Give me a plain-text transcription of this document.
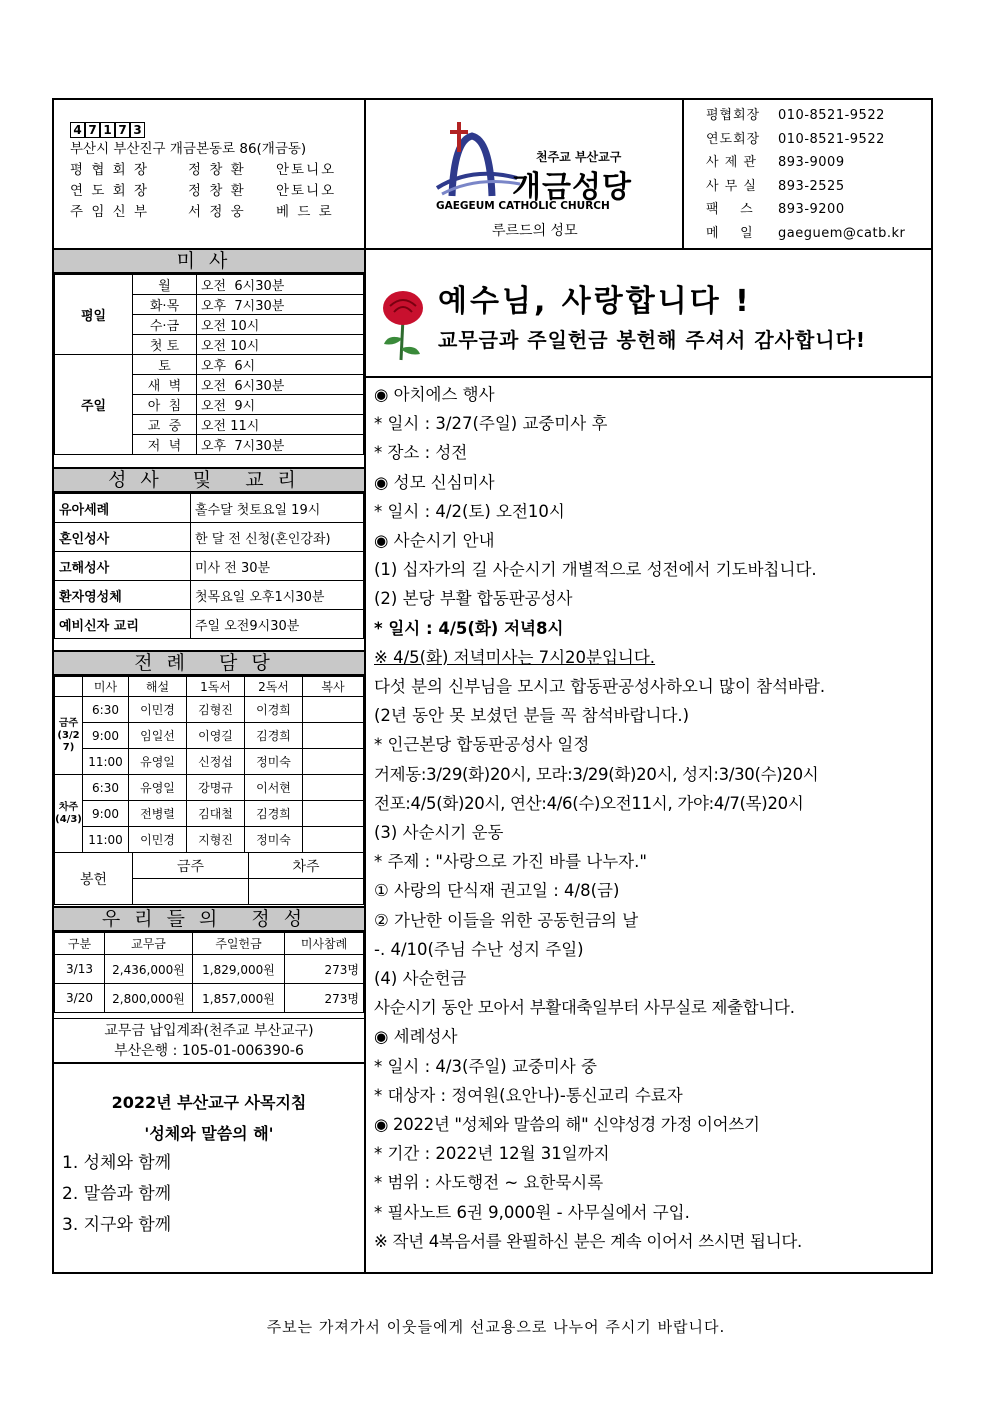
4 7 1 7 3
부산시 부산진구 개금본동로 86(개금동)
평 협 회 장	정 창 환	안토니오
연 도 회 장	정 창 환	안토니오
주 임 신 부	서 정 웅	베 드 로
천주교 부산교구
개금성당
GAEGEUM CATHOLIC CHURCH
루르드의 성모
평협회장	010-8521-9522
연도회장	010-8521-9522
사 제 관	893-9009
사 무 실	893-2525
팩    스	893-9200
메    일	gaeguem@catb.kr
미사
평일	월	오전  6시30분
	화·목	오후  7시30분
	수·금	오전 10시
	첫 토	오전 10시
주일	토	오후  6시
	새  벽	오전  6시30분
	아  침	오전  9시
	교  중	오전 11시
	저  녁	오후  7시30분
성사 및 교리
유아세례	홀수달 첫토요일 19시
혼인성사	한 달 전 신청(혼인강좌)
고해성사	미사 전 30분
환자영성체	첫목요일 오후1시30분
예비신자 교리	주일 오전9시30분
전례 담당
	미사	해설	1독서	2독서	복사
금주(3/27)	6:30	이민경	김형진	이경희	
	9:00	임일선	이영길	김경희	
	11:00	유영일	신정섭	정미숙	
차주(4/3)	6:30	유영일	강명규	이서현	
	9:00	전병렬	김대철	김경희	
	11:00	이민경	지형진	정미숙	
봉헌	금주	차주

우리들의 정성
구분	교무금	주일헌금	미사참례
3/13	2,436,000원	1,829,000원	273명
3/20	2,800,000원	1,857,000원	273명
교무금 납입계좌(천주교 부산교구)
부산은행 : 105-01-006390-6
2022년 부산교구 사목지침
'성체와 말씀의 해'
1. 성체와 함께
2. 말씀과 함께
3. 지구와 함께
예수님, 사랑합니다 !
교무금과 주일헌금 봉헌해 주셔서 감사합니다!
◉ 아치에스 행사
* 일시 : 3/27(주일) 교중미사 후
* 장소 : 성전
◉ 성모 신심미사
* 일시 : 4/2(토) 오전10시
◉ 사순시기 안내
(1) 십자가의 길 사순시기 개별적으로 성전에서 기도바칩니다.
(2) 본당 부활 합동판공성사
* 일시 : 4/5(화) 저녁8시
※ 4/5(화) 저녁미사는 7시20분입니다.
다섯 분의 신부님을 모시고 합동판공성사하오니 많이 참석바람.
(2년 동안 못 보셨던 분들 꼭 참석바랍니다.)
* 인근본당 합동판공성사 일정
거제동:3/29(화)20시, 모라:3/29(화)20시, 성지:3/30(수)20시
전포:4/5(화)20시, 연산:4/6(수)오전11시, 가야:4/7(목)20시
(3) 사순시기 운동
* 주제 : "사랑으로 가진 바를 나누자."
① 사랑의 단식재 권고일 : 4/8(금)
② 가난한 이들을 위한 공동헌금의 날
-. 4/10(주님 수난 성지 주일)
(4) 사순헌금
사순시기 동안 모아서 부활대축일부터 사무실로 제출합니다.
◉ 세례성사
* 일시 : 4/3(주일) 교중미사 중
* 대상자 : 정여원(요안나)-통신교리 수료자
◉ 2022년 "성체와 말씀의 해" 신약성경 가정 이어쓰기
* 기간 : 2022년 12월 31일까지
* 범위 : 사도행전 ~ 요한묵시록
* 필사노트 6권 9,000원 - 사무실에서 구입.
※ 작년 4복음서를 완필하신 분은 계속 이어서 쓰시면 됩니다.
주보는 가져가서 이웃들에게 선교용으로 나누어 주시기 바랍니다.
